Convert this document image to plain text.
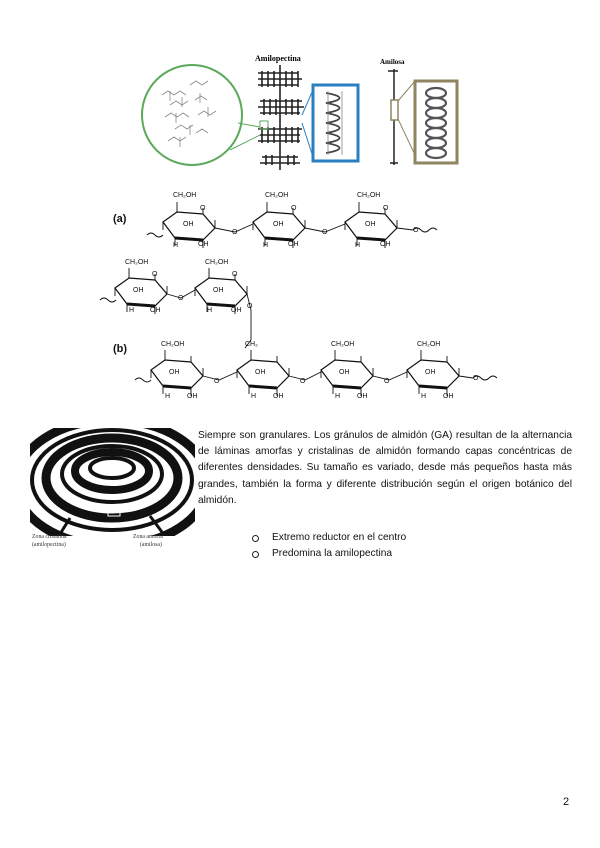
Amilopectina	Amilosa
(a)
CH₂OH	CH₂OH	CH₂OH
O	O	O
O	O	O
H	OH	H	OH	H	OH
OH	OH	OH
CH₂OH	CH₂OH
O	O
O
O
H OH	H	OH
OH	OH
(b)	CH₂OH	CH₂	CH₂OH	CH₂OH
O	O	O	O
H OH	H OH	H OH	H OH
OH	OH	OH	OH
Zona cristalina
(amilopectina)
Zona amorfa
(amilosa)

Siempre son granulares. Los gránulos de almidón (GA) resultan de la alternancia de láminas amorfas y cristalinas de almidón formando capas concéntricas de diferentes densidades. Su tamaño es variado, desde más pequeños hasta más grandes, también la forma y diferente distribución según el origen botánico del almidón.

Extremo reductor en el centro
Predomina la amilopectina
2
